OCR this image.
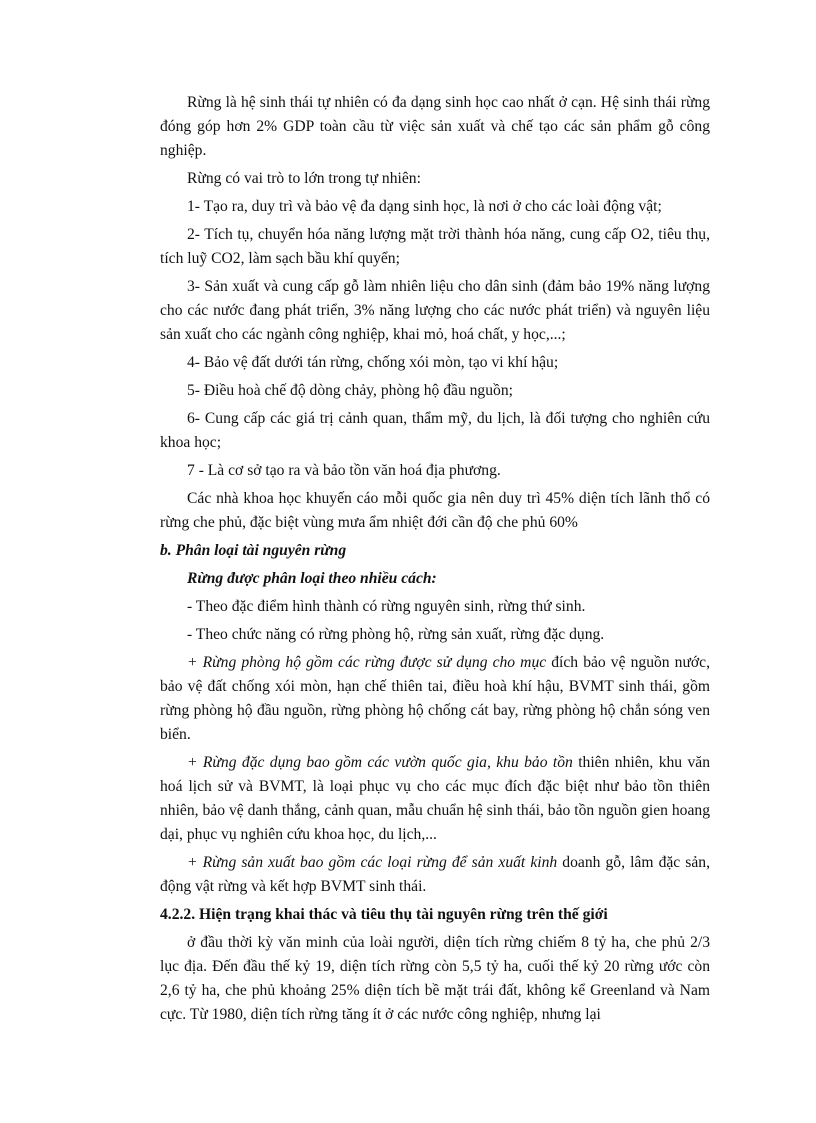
Rừng là hệ sinh thái tự nhiên có đa dạng sinh học cao nhất ở cạn. Hệ sinh thái rừng đóng góp hơn 2% GDP toàn cầu từ việc sản xuất và chế tạo các sản phẩm gỗ công nghiệp.

Rừng có vai trò to lớn trong tự nhiên:

1- Tạo ra, duy trì và bảo vệ đa dạng sinh học, là nơi ở cho các loài động vật;

2- Tích tụ, chuyển hóa năng lượng mặt trời thành hóa năng, cung cấp O2, tiêu thụ, tích luỹ CO2, làm sạch bầu khí quyển;

3- Sản xuất và cung cấp gỗ làm nhiên liệu cho dân sinh (đảm bảo 19% năng lượng cho các nước đang phát triển, 3% năng lượng cho các nước phát triển) và nguyên liệu sản xuất cho các ngành công nghiệp, khai mỏ, hoá chất, y học,...;

4- Bảo vệ đất dưới tán rừng, chống xói mòn, tạo vi khí hậu;

5- Điều hoà chế độ dòng chảy, phòng hộ đầu nguồn;

6- Cung cấp các giá trị cảnh quan, thẩm mỹ, du lịch, là đối tượng cho nghiên cứu khoa học;

7 - Là cơ sở tạo ra và bảo tồn văn hoá địa phương.

Các nhà khoa học khuyến cáo mỗi quốc gia nên duy trì 45% diện tích lãnh thổ có rừng che phủ, đặc biệt vùng mưa ẩm nhiệt đới cần độ che phủ 60%

b. Phân loại tài nguyên rừng
Rừng được phân loại theo nhiều cách:

- Theo đặc điểm hình thành có rừng nguyên sinh, rừng thứ sinh.

- Theo chức năng có rừng phòng hộ, rừng sản xuất, rừng đặc dụng.

+ Rừng phòng hộ gồm các rừng được sử dụng cho mục đích bảo vệ nguồn nước, bảo vệ đất chống xói mòn, hạn chế thiên tai, điều hoà khí hậu, BVMT sinh thái, gồm rừng phòng hộ đầu nguồn, rừng phòng hộ chống cát bay, rừng phòng hộ chắn sóng ven biển.

+ Rừng đặc dụng bao gồm các vườn quốc gia, khu bảo tồn thiên nhiên, khu văn hoá lịch sử và BVMT, là loại phục vụ cho các mục đích đặc biệt như bảo tồn thiên nhiên, bảo vệ danh thắng, cảnh quan, mẫu chuẩn hệ sinh thái, bảo tồn nguồn gien hoang dại, phục vụ nghiên cứu khoa học, du lịch,...

+ Rừng sản xuất bao gồm các loại rừng để sản xuất kinh doanh gỗ, lâm đặc sản, động vật rừng và kết hợp BVMT sinh thái.

4.2.2. Hiện trạng khai thác và tiêu thụ tài nguyên rừng trên thế giới

ở đầu thời kỳ văn minh của loài người, diện tích rừng chiếm 8 tỷ ha, che phủ 2/3 lục địa. Đến đầu thế kỷ 19, diện tích rừng còn 5,5 tỷ ha, cuối thế kỷ 20 rừng ước còn 2,6 tỷ ha, che phủ khoảng 25% diện tích bề mặt trái đất, không kể Greenland và Nam cực. Từ 1980, diện tích rừng tăng ít ở các nước công nghiệp, nhưng lại
